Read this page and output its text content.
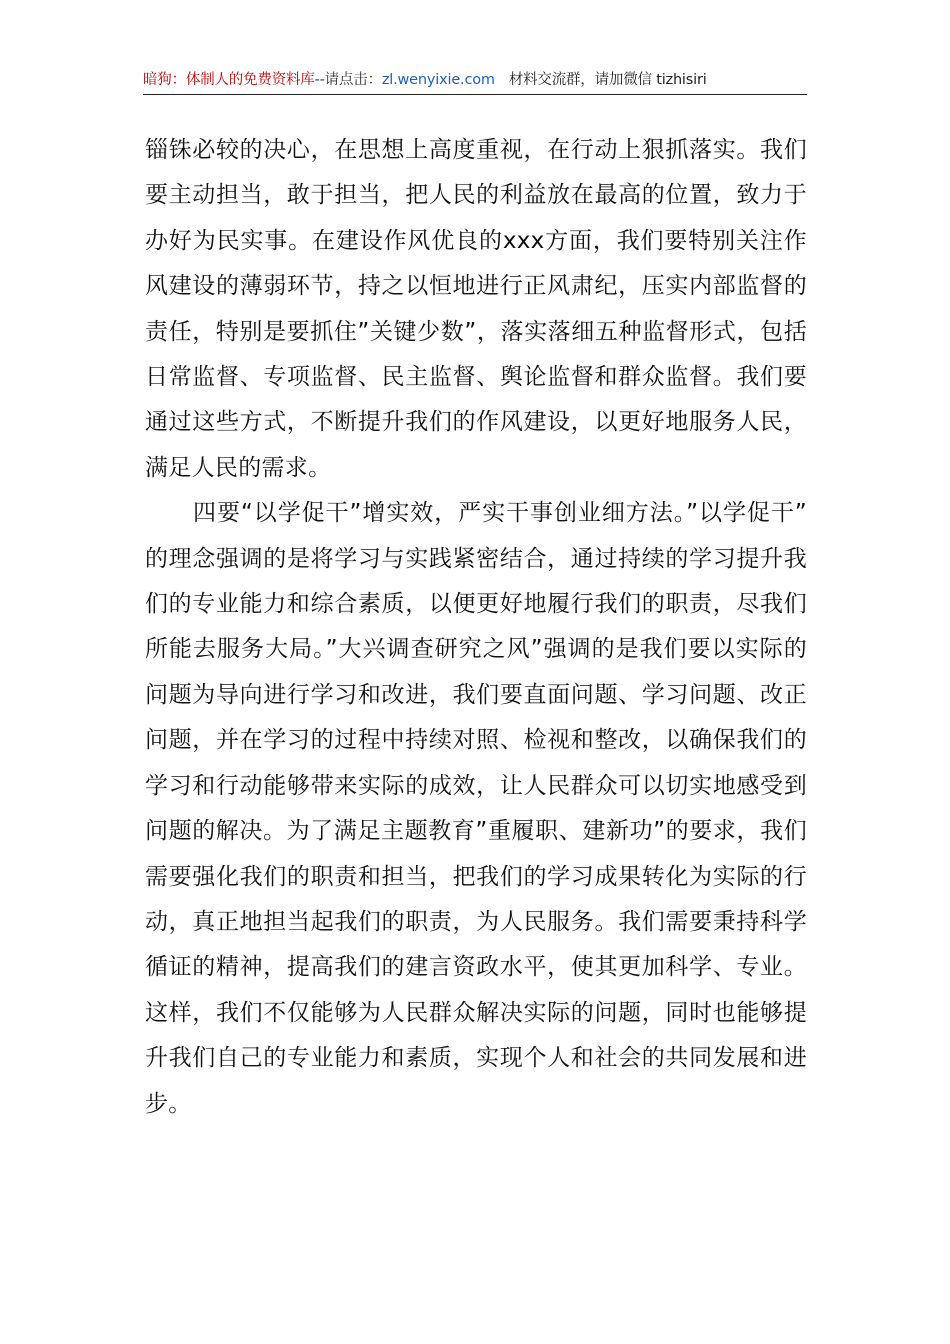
暗狗：体制人的免费资料库--请点击：zl.wenyixie.com 材料交流群，请加微信 tizhisiri

锱铢必较的决心，在思想上高度重视，在行动上狠抓落实。我们要主动担当，敢于担当，把人民的利益放在最高的位置，致力于办好为民实事。在建设作风优良的xxx方面，我们要特别关注作风建设的薄弱环节，持之以恒地进行正风肃纪，压实内部监督的责任，特别是要抓住”关键少数”，落实落细五种监督形式，包括日常监督、专项监督、民主监督、舆论监督和群众监督。我们要通过这些方式，不断提升我们的作风建设，以更好地服务人民，满足人民的需求。

四要“以学促干”增实效，严实干事创业细方法。”以学促干”的理念强调的是将学习与实践紧密结合，通过持续的学习提升我们的专业能力和综合素质，以便更好地履行我们的职责，尽我们所能去服务大局。”大兴调查研究之风”强调的是我们要以实际的问题为导向进行学习和改进，我们要直面问题、学习问题、改正问题，并在学习的过程中持续对照、检视和整改，以确保我们的学习和行动能够带来实际的成效，让人民群众可以切实地感受到问题的解决。为了满足主题教育”重履职、建新功”的要求，我们需要强化我们的职责和担当，把我们的学习成果转化为实际的行动，真正地担当起我们的职责，为人民服务。我们需要秉持科学循证的精神，提高我们的建言资政水平，使其更加科学、专业。这样，我们不仅能够为人民群众解决实际的问题，同时也能够提升我们自己的专业能力和素质，实现个人和社会的共同发展和进步。
